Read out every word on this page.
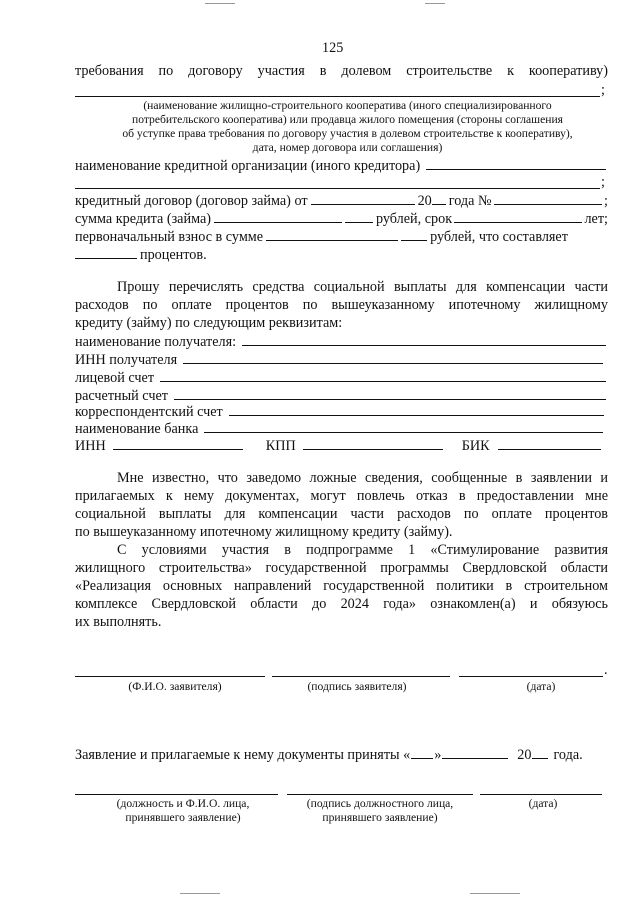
125
требования по договору участия в долевом строительстве к кооперативу)
;
(наименование жилищно-строительного кооператива (иного специализированного
потребительского кооператива) или продавца жилого помещения (стороны соглашения
об уступке права требования по договору участия в долевом строительстве к кооперативу),
дата, номер договора или соглашения)
наименование кредитной организации (иного кредитора)
;
кредитный договор (договор займа) от	20 года №	;
сумма кредита (займа)	рублей, срок	лет;
первоначальный взнос в сумме	рублей, что составляет
процентов.
Прошу перечислять средства социальной выплаты для компенсации части
расходов по оплате процентов по вышеуказанному ипотечному жилищному
кредиту (займу) по следующим реквизитам:
наименование получателя:
ИНН получателя
лицевой счет
расчетный счет
корреспондентский счет
наименование банка
ИНН	КПП	БИК
Мне известно, что заведомо ложные сведения, сообщенные в заявлении и
прилагаемых к нему документах, могут повлечь отказ в предоставлении мне
социальной выплаты для компенсации части расходов по оплате процентов
по вышеуказанному ипотечному жилищному кредиту (займу).
С условиями участия в подпрограмме 1 «Стимулирование развития
жилищного строительства» государственной программы Свердловской области
«Реализация основных направлений государственной политики в строительном
комплексе Свердловской области до 2024 года» ознакомлен(а) и обязуюсь
их выполнять.
.
(Ф.И.О. заявителя)	(подпись заявителя)	(дата)
Заявление и прилагаемые к нему документы приняты « »	20 года.
(должность и Ф.И.О. лица,
принявшего заявление)
(подпись должностного лица,
принявшего заявление)
(дата)
